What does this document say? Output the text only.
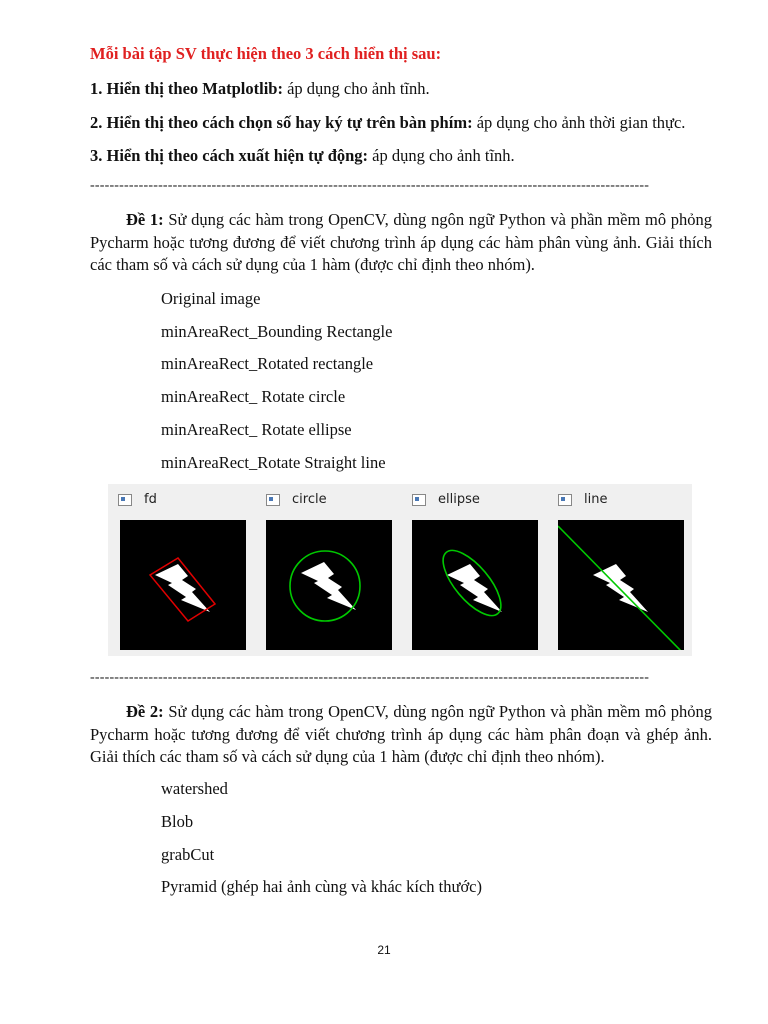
Mỗi bài tập SV thực hiện theo 3 cách hiển thị sau:
1. Hiển thị theo Matplotlib: áp dụng cho ảnh tĩnh.
2. Hiển thị theo cách chọn số hay ký tự trên bàn phím: áp dụng cho ảnh thời gian thực.
3. Hiển thị theo cách xuất hiện tự động: áp dụng cho ảnh tĩnh.
-------------------------------------------------------------------------------------------------------------------
Đề 1: Sử dụng các hàm trong OpenCV, dùng ngôn ngữ Python và phần mềm mô phỏng Pycharm hoặc tương đương để viết chương trình áp dụng các hàm phân vùng ảnh. Giải thích các tham số và cách sử dụng của 1 hàm (được chỉ định theo nhóm).
Original image
minAreaRect_Bounding Rectangle
minAreaRect_Rotated rectangle
minAreaRect_ Rotate circle
minAreaRect_ Rotate ellipse
minAreaRect_Rotate Straight line
fd	circle	ellipse	line
-------------------------------------------------------------------------------------------------------------------
Đề 2: Sử dụng các hàm trong OpenCV, dùng ngôn ngữ Python và phần mềm mô phỏng Pycharm hoặc tương đương để viết chương trình áp dụng các hàm phân đoạn và ghép ảnh. Giải thích các tham số và cách sử dụng của 1 hàm (được chỉ định theo nhóm).
watershed
Blob
grabCut
Pyramid (ghép hai ảnh cùng và khác kích thước)
21
